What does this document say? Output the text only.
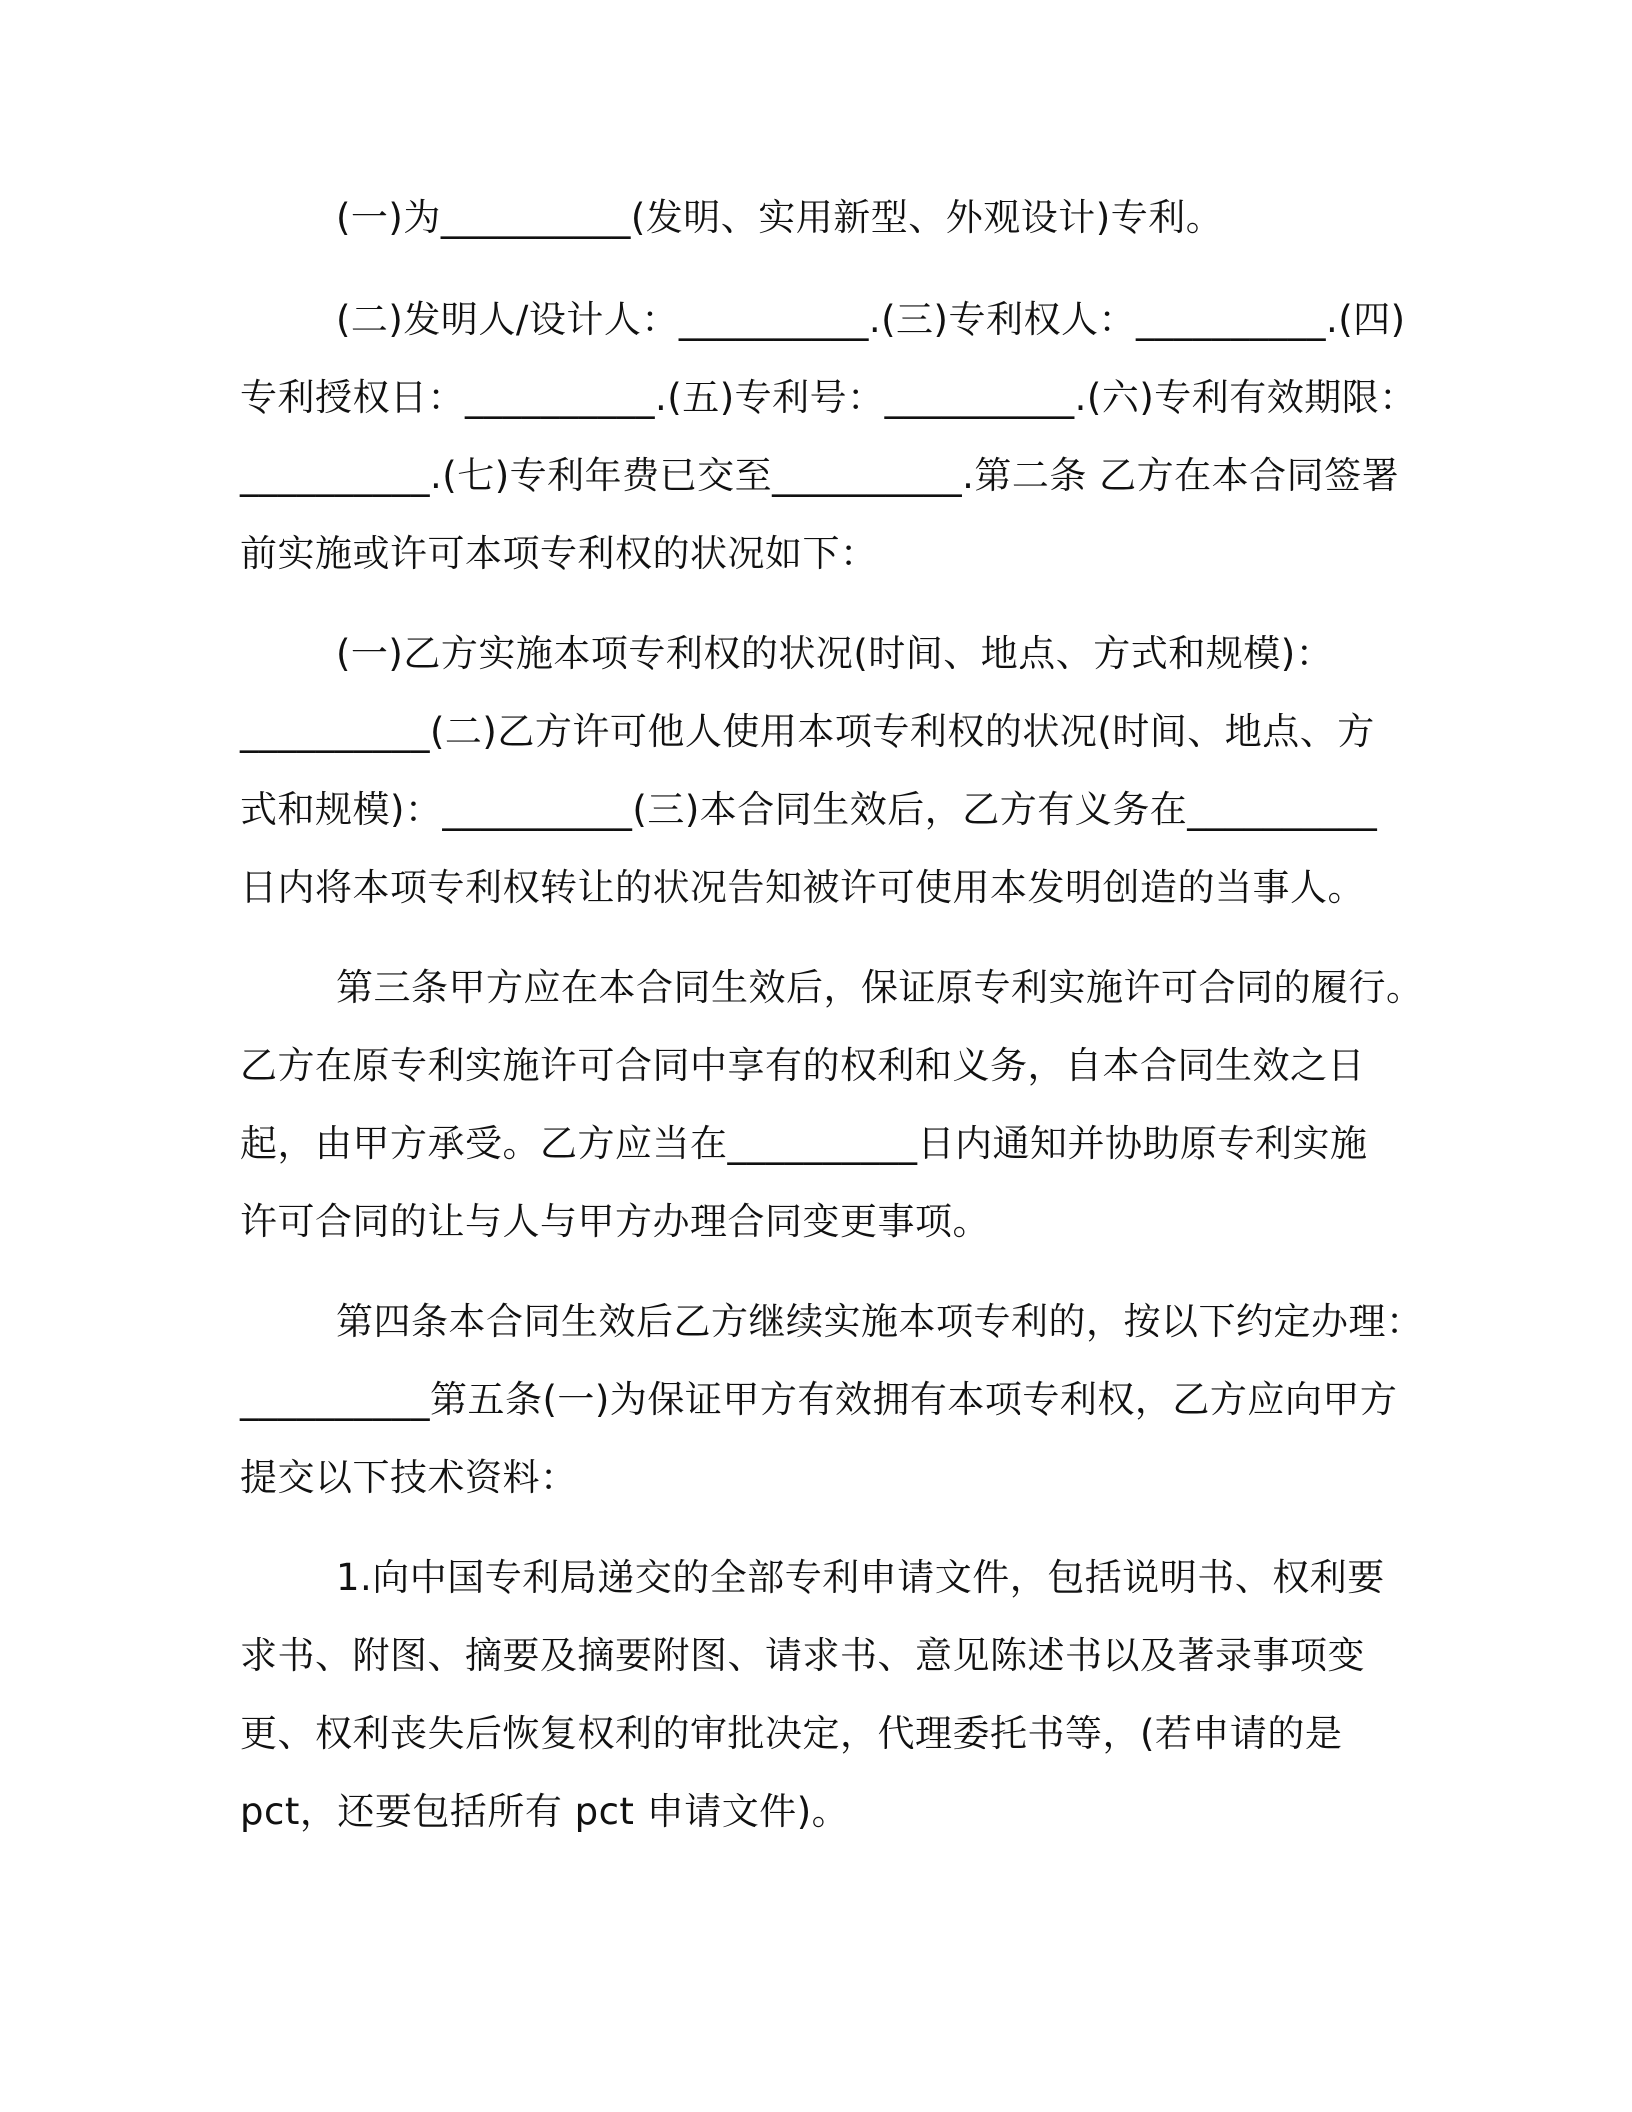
(一)为__________(发明、实用新型、外观设计)专利。
(二)发明人/设计人：__________.(三)专利权人：__________.(四)
专利授权日：__________.(五)专利号：__________.(六)专利有效期限：
__________.(七)专利年费已交至__________.第二条 乙方在本合同签署
前实施或许可本项专利权的状况如下：
(一)乙方实施本项专利权的状况(时间、地点、方式和规模)：
__________(二)乙方许可他人使用本项专利权的状况(时间、地点、方
式和规模)：__________(三)本合同生效后，乙方有义务在__________
日内将本项专利权转让的状况告知被许可使用本发明创造的当事人。
第三条甲方应在本合同生效后，保证原专利实施许可合同的履行。
乙方在原专利实施许可合同中享有的权利和义务，自本合同生效之日
起，由甲方承受。乙方应当在__________日内通知并协助原专利实施
许可合同的让与人与甲方办理合同变更事项。
第四条本合同生效后乙方继续实施本项专利的，按以下约定办理：
__________第五条(一)为保证甲方有效拥有本项专利权，乙方应向甲方
提交以下技术资料：
1.向中国专利局递交的全部专利申请文件，包括说明书、权利要
求书、附图、摘要及摘要附图、请求书、意见陈述书以及著录事项变
更、权利丧失后恢复权利的审批决定，代理委托书等，(若申请的是
pct，还要包括所有 pct 申请文件)。
